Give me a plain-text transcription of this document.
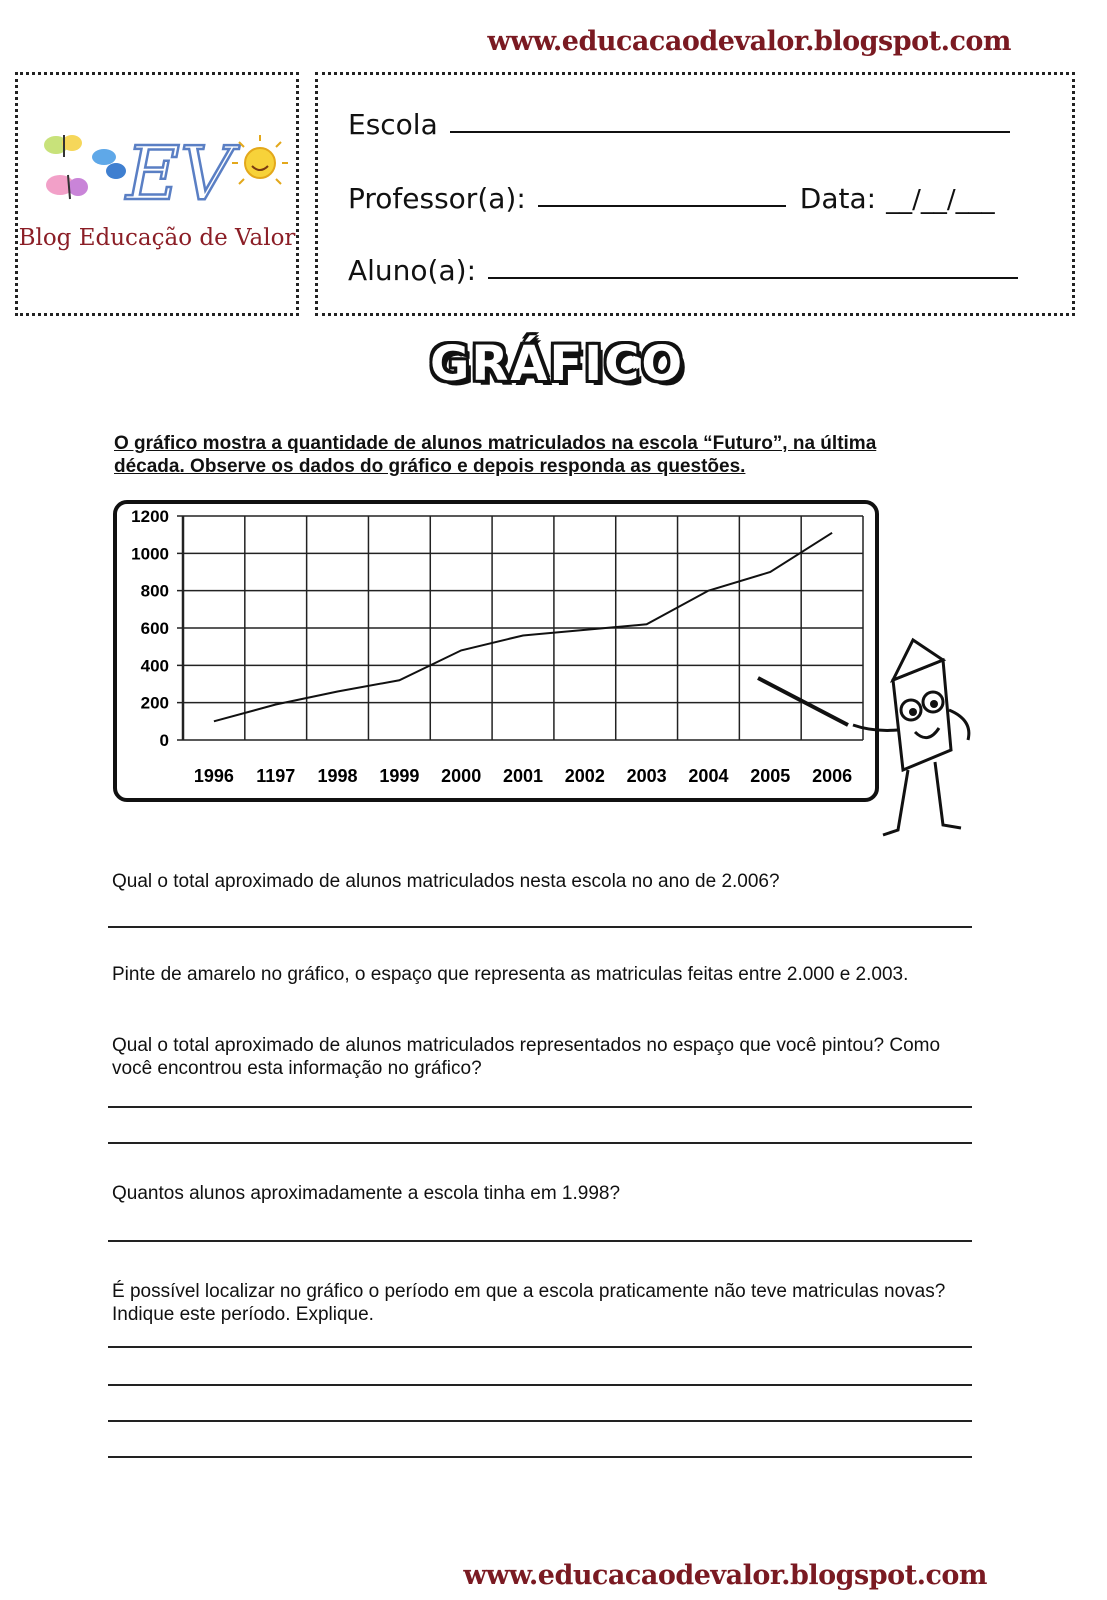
www.educacaodevalor.blogspot.com
EV
Blog Educação de Valor
Escola
Professor(a):	Data: __/__/___
Aluno(a):
GRÁFICO
O gráfico mostra a quantidade de alunos matriculados na escola “Futuro”, na última década. Observe os dados do gráfico e depois responda as questões.
0
200
400
600
800
1000
1200
1996 1197 1998 1999 2000 2001 2002 2003 2004 2005 2006
Qual o total aproximado de alunos matriculados nesta escola no ano de 2.006?
Pinte de amarelo no gráfico, o espaço que representa as matriculas feitas entre 2.000 e 2.003.
Qual o total aproximado de alunos matriculados representados no espaço que você pintou? Como você encontrou esta informação no gráfico?
Quantos alunos aproximadamente a escola tinha em 1.998?
É possível localizar no gráfico o período em que a escola praticamente não teve matriculas novas? Indique este período. Explique.
www.educacaodevalor.blogspot.com
